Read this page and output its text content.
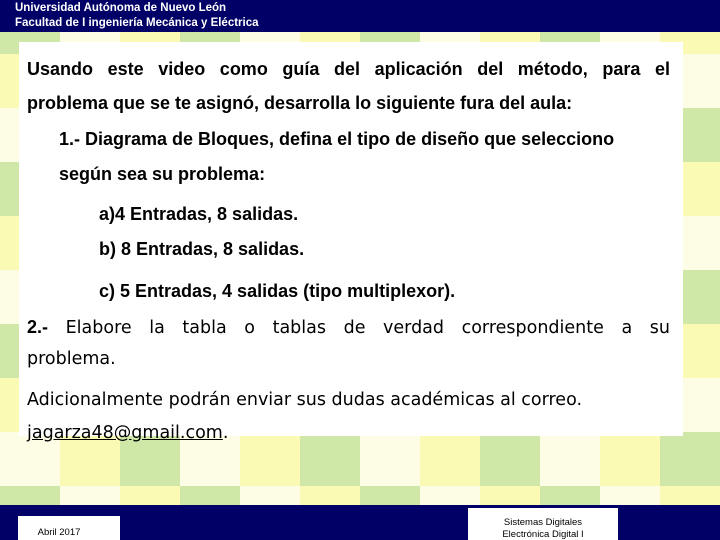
Universidad Autónoma de Nuevo León
Facultad de I ingeniería Mecánica y Eléctrica
Usando este video como guía del aplicación del método, para el
problema que se te asignó, desarrolla lo siguiente fura del aula:
1.- Diagrama de Bloques, defina el tipo de diseño que selecciono
según sea su problema:
a)4 Entradas, 8 salidas.
b) 8 Entradas, 8 salidas.
c) 5 Entradas, 4 salidas (tipo multiplexor).
2.- Elabore la tabla o tablas de verdad correspondiente a su
problema.
Adicionalmente podrán enviar sus dudas académicas al correo.
jagarza48@gmail.com.
Abril 2017
Sistemas Digitales
Electrónica Digital I
